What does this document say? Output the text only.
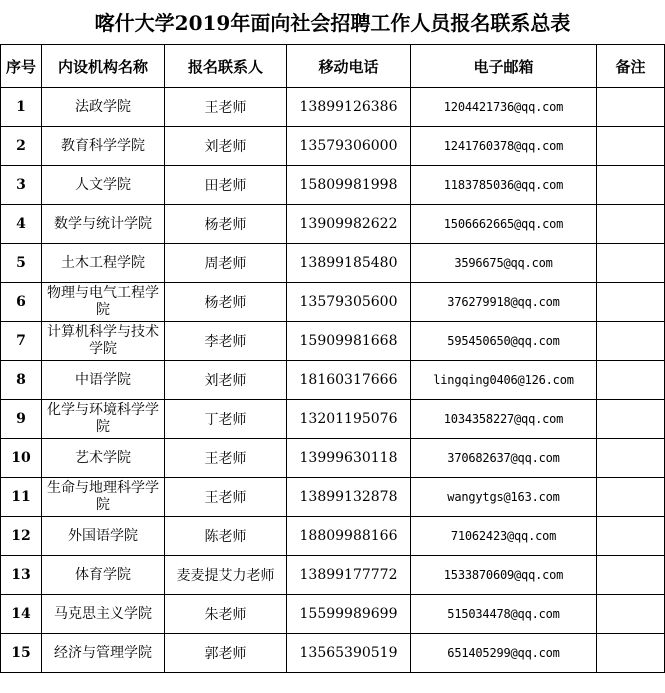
喀什大学2019年面向社会招聘工作人员报名联系总表
序号	内设机构名称	报名联系人	移动电话	电子邮箱	备注
1	法政学院	王老师	13899126386	1204421736@qq.com	
2	教育科学学院	刘老师	13579306000	1241760378@qq.com	
3	人文学院	田老师	15809981998	1183785036@qq.com	
4	数学与统计学院	杨老师	13909982622	1506662665@qq.com	
5	土木工程学院	周老师	13899185480	3596675@qq.com	
6	物理与电气工程学院	杨老师	13579305600	376279918@qq.com	
7	计算机科学与技术学院	李老师	15909981668	595450650@qq.com	
8	中语学院	刘老师	18160317666	lingqing0406@126.com	
9	化学与环境科学学院	丁老师	13201195076	1034358227@qq.com	
10	艺术学院	王老师	13999630118	370682637@qq.com	
11	生命与地理科学学院	王老师	13899132878	wangytgs@163.com	
12	外国语学院	陈老师	18809988166	71062423@qq.com	
13	体育学院	麦麦提艾力老师	13899177772	1533870609@qq.com	
14	马克思主义学院	朱老师	15599989699	515034478@qq.com	
15	经济与管理学院	郭老师	13565390519	651405299@qq.com	
